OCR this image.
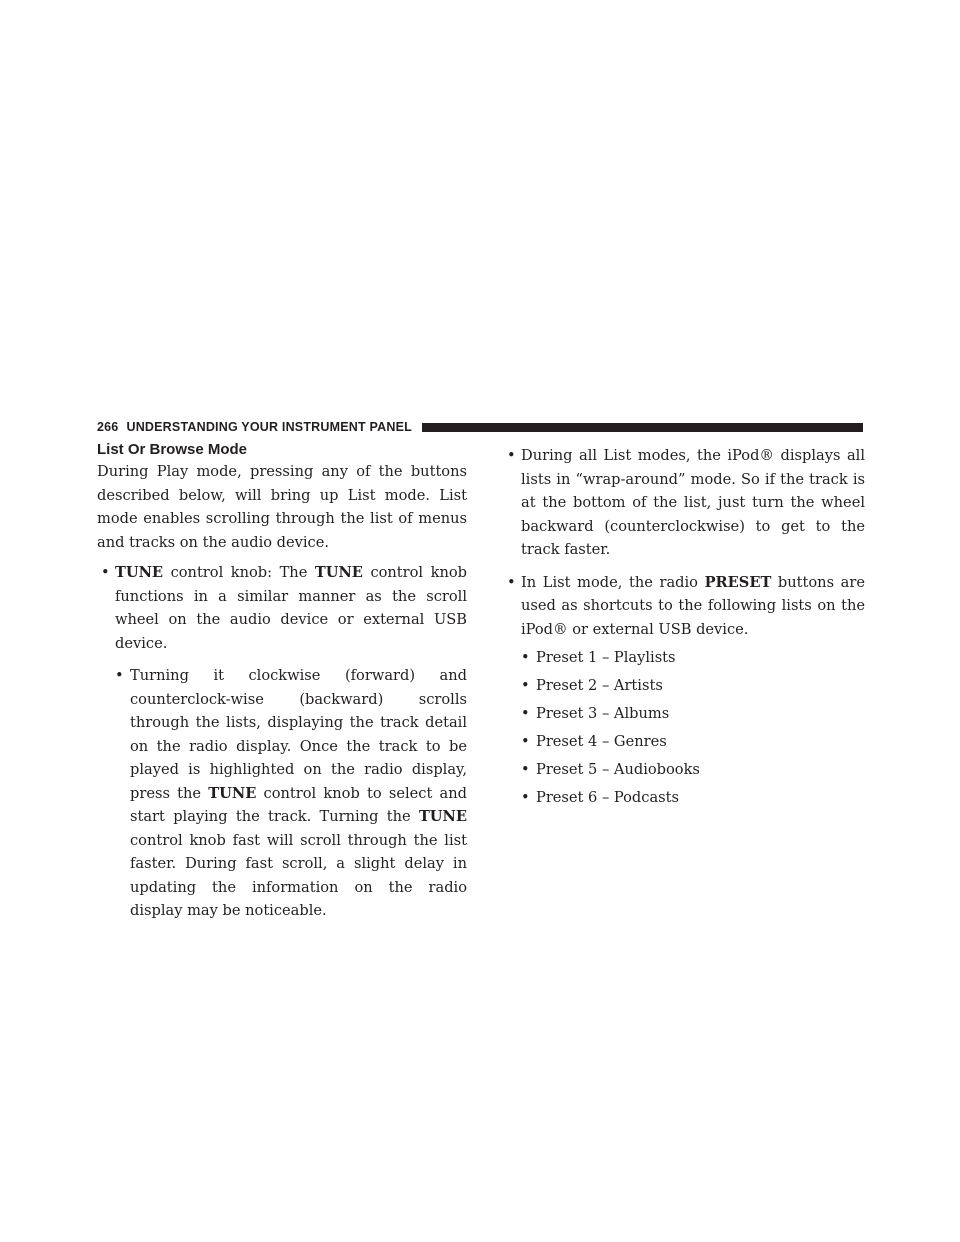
266 UNDERSTANDING YOUR INSTRUMENT PANEL
List Or Browse Mode

During Play mode, pressing any of the buttons described below, will bring up List mode. List mode enables scrolling through the list of menus and tracks on the audio device.

• TUNE control knob: The TUNE control knob functions in a similar manner as the scroll wheel on the audio device or external USB device.
• Turning it clockwise (forward) and counterclock-wise (backward) scrolls through the lists, displaying the track detail on the radio display. Once the track to be played is highlighted on the radio display, press the TUNE control knob to select and start playing the track. Turning the TUNE control knob fast will scroll through the list faster. During fast scroll, a slight delay in updating the information on the radio display may be noticeable.
• During all List modes, the iPod® displays all lists in “wrap-around” mode. So if the track is at the bottom of the list, just turn the wheel backward (counterclockwise) to get to the track faster.
• In List mode, the radio PRESET buttons are used as shortcuts to the following lists on the iPod® or external USB device.
• Preset 1 – Playlists
• Preset 2 – Artists
• Preset 3 – Albums
• Preset 4 – Genres
• Preset 5 – Audiobooks
• Preset 6 – Podcasts
